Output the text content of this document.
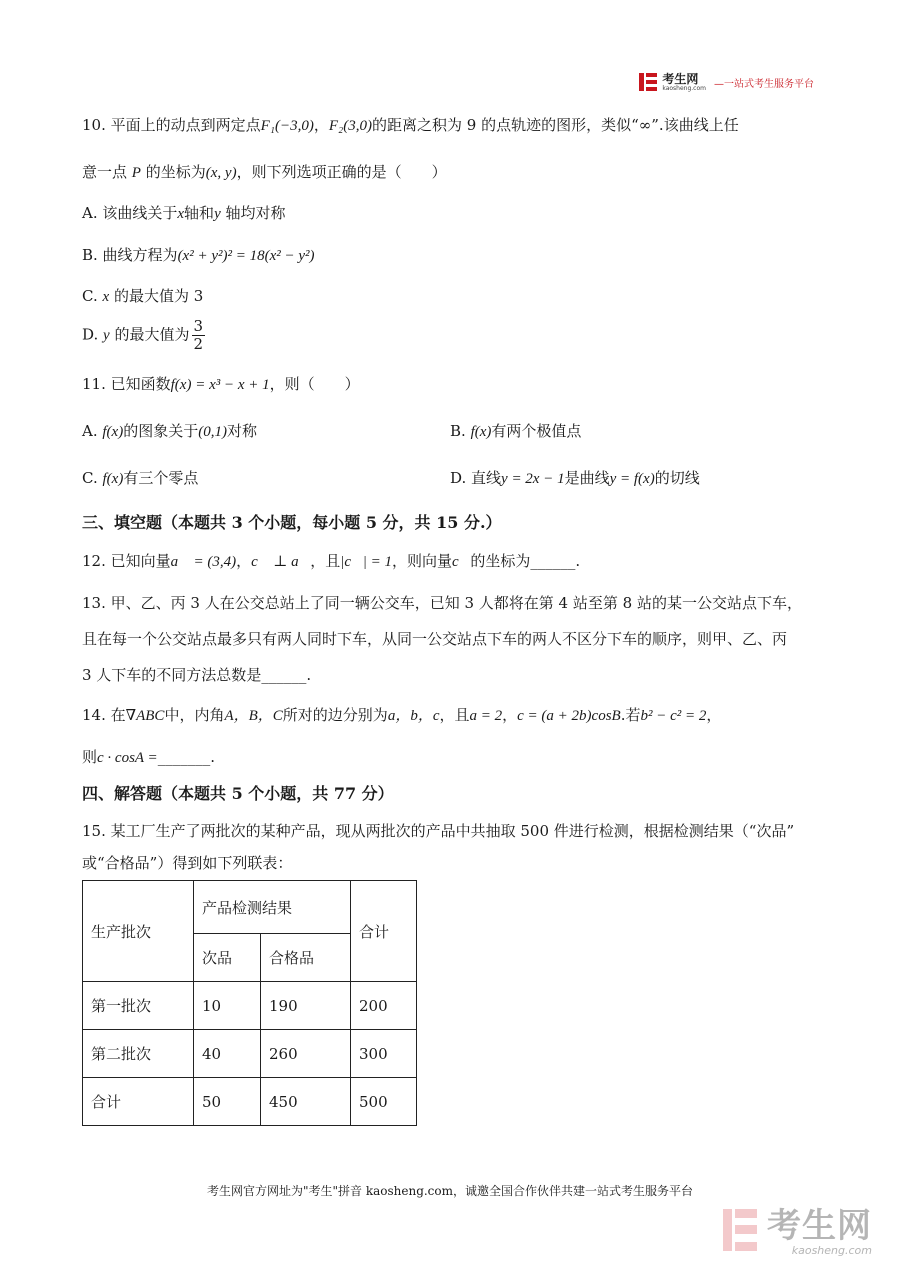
考生网
kaosheng.com —一站式考生服务平台
10. 平面上的动点到两定点F₁(−3,0)，F₂(3,0)的距离之积为 9 的点轨迹的图形，类似“∞”.该曲线上任
意一点 P 的坐标为(x, y)，则下列选项正确的是（　　）
A. 该曲线关于x轴和y 轴均对称
B. 曲线方程为(x² + y²)² = 18(x² − y²)
C. x 的最大值为 3
D. y 的最大值为 $\frac{3}{2}$
11. 已知函数f(x) = x³ − x + 1，则（　　）
A. f(x)的图象关于(0,1)对称	B. f(x)有两个极值点
C. f(x)有三个零点	D. 直线y = 2x − 1是曲线y = f(x)的切线
三、填空题（本题共 3 个小题，每小题 5 分，共 15 分.）
12. 已知向量a⃗ = (3,4)，c⃗ ⊥ a⃗，且|c⃗| = 1，则向量c⃗的坐标为______.
13. 甲、乙、丙 3 人在公交总站上了同一辆公交车，已知 3 人都将在第 4 站至第 8 站的某一公交站点下车，
且在每一个公交站点最多只有两人同时下车，从同一公交站点下车的两人不区分下车的顺序，则甲、乙、丙
3 人下车的不同方法总数是______.
14. 在∇ABC中，内角A，B，C所对的边分别为a，b，c，且a = 2，c = (a + 2b)cosB.若b² − c² = 2，
则c · cosA =_______.
四、解答题（本题共 5 个小题，共 77 分）
15. 某工厂生产了两批次的某种产品，现从两批次的产品中共抽取 500 件进行检测，根据检测结果（“次品”
或“合格品”）得到如下列联表：
生产批次	产品检测结果		合计
	次品	合格品	
第一批次	10	190	200
第二批次	40	260	300
合计	50	450	500
考生网官方网址为"考生"拼音 kaosheng.com，诚邀全国合作伙伴共建一站式考生服务平台
考生网
kaosheng.com
